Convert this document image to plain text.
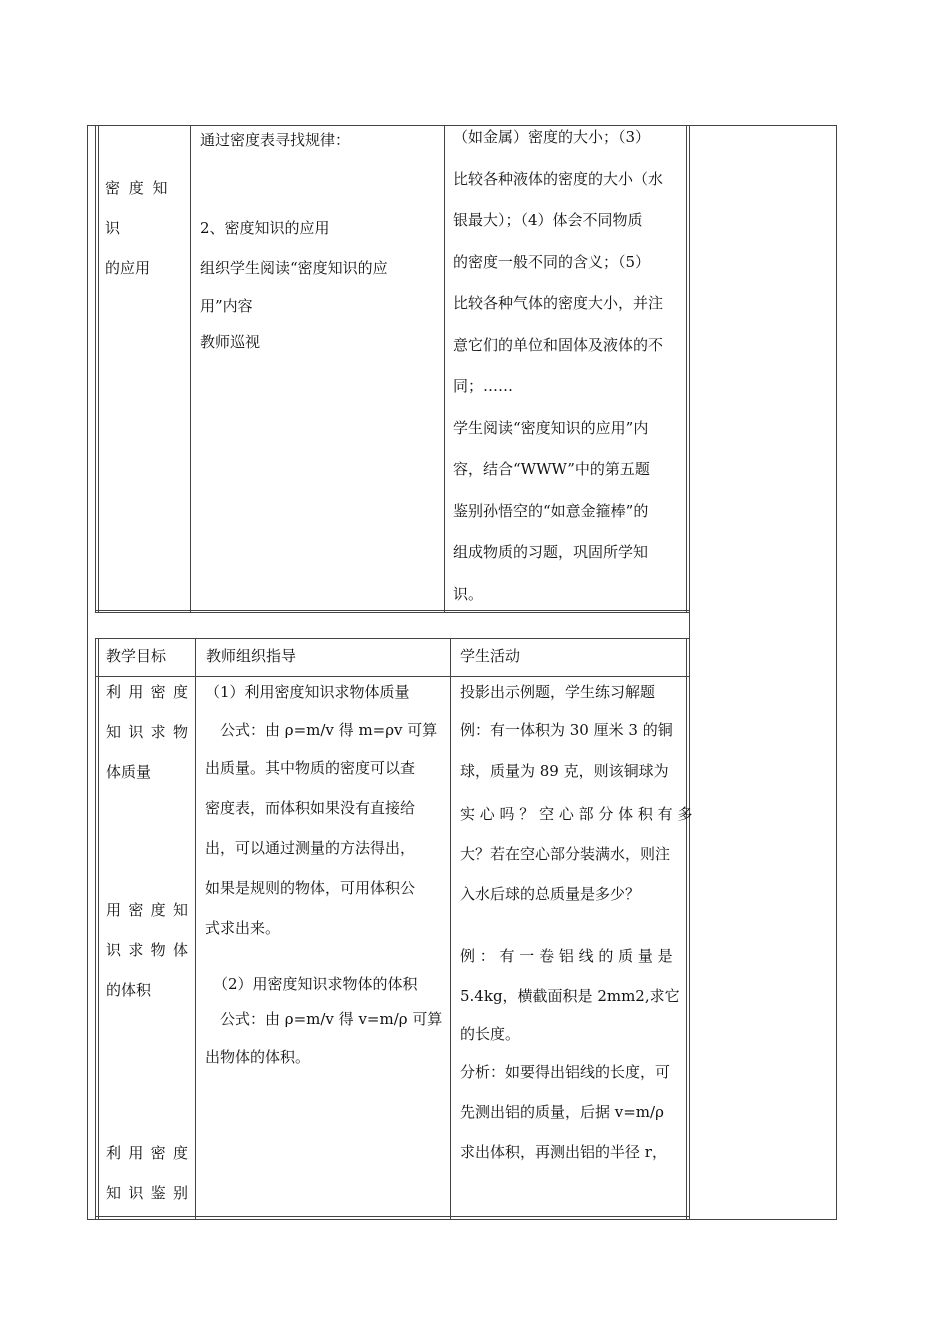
密 度 知 识

的应用

通过密度表寻找规律：

2、密度知识的应用

组织学生阅读“密度知识的应

用”内容

教师巡视

（如金属）密度的大小；（3）

比较各种液体的密度的大小（水

银最大）；（4）体会不同物质

的密度一般不同的含义；（5）

比较各种气体的密度大小，并注

意它们的单位和固体及液体的不

同；……

学生阅读“密度知识的应用”内

容，结合“WWW”中的第五题

鉴别孙悟空的“如意金箍棒”的

组成物质的习题，巩固所学知

识。

教学目标	教师组织指导	学生活动

利 用 密 度

知 识 求 物

体质量

用 密 度 知

识 求 物 体

的体积

利 用 密 度

知 识 鉴 别

（1）利用密度知识求物体质量

公式：由 ρ=m/v 得 m=ρv 可算

出质量。其中物质的密度可以查

密度表，而体积如果没有直接给

出，可以通过测量的方法得出，

如果是规则的物体，可用体积公

式求出来。

（2）用密度知识求物体的体积

公式：由 ρ=m/v 得 v=m/ρ 可算

出物体的体积。

投影出示例题，学生练习解题

例：有一体积为 30 厘米 3 的铜

球，质量为 89 克，则该铜球为

实 心 吗 ？ 空 心 部 分 体 积 有 多

大？若在空心部分装满水，则注

入水后球的总质量是多少？

例 ： 有 一 卷 铝 线 的 质 量 是

5.4kg，横截面积是 2mm2,求它

的长度。

分析：如要得出铝线的长度，可

先测出铝的质量，后据 v=m/ρ

求出体积，再测出铝的半径 r，
